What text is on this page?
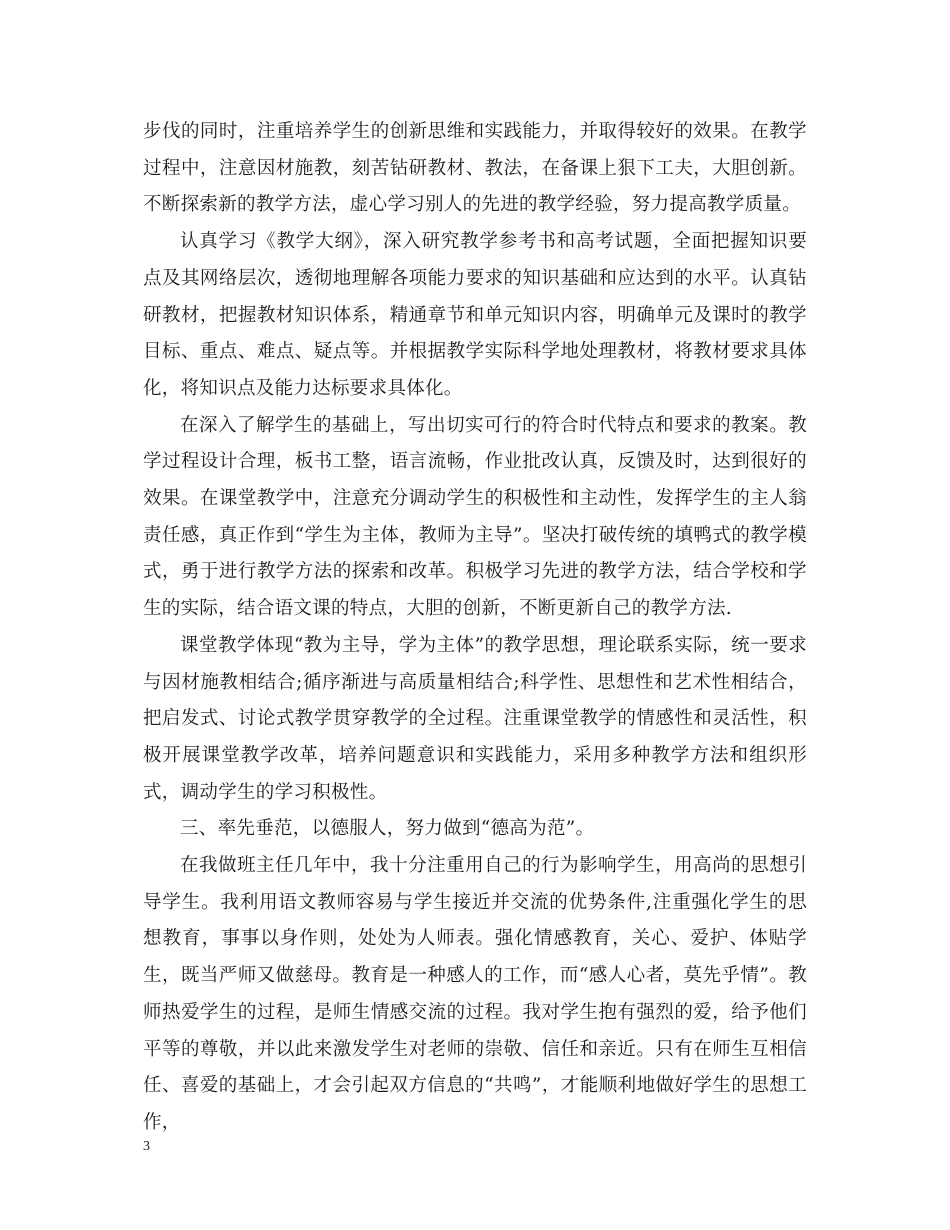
步伐的同时，注重培养学生的创新思维和实践能力，并取得较好的效果。在教学过程中，注意因材施教，刻苦钻研教材、教法，在备课上狠下工夫，大胆创新。不断探索新的教学方法，虚心学习别人的先进的教学经验，努力提高教学质量。

认真学习《教学大纲》，深入研究教学参考书和高考试题，全面把握知识要点及其网络层次，透彻地理解各项能力要求的知识基础和应达到的水平。认真钻研教材，把握教材知识体系，精通章节和单元知识内容，明确单元及课时的教学目标、重点、难点、疑点等。并根据教学实际科学地处理教材，将教材要求具体化，将知识点及能力达标要求具体化。

在深入了解学生的基础上，写出切实可行的符合时代特点和要求的教案。教学过程设计合理，板书工整，语言流畅，作业批改认真，反馈及时，达到很好的效果。在课堂教学中，注意充分调动学生的积极性和主动性，发挥学生的主人翁责任感，真正作到“学生为主体，教师为主导”。坚决打破传统的填鸭式的教学模式，勇于进行教学方法的探索和改革。积极学习先进的教学方法，结合学校和学生的实际，结合语文课的特点，大胆的创新，不断更新自己的教学方法.

课堂教学体现“教为主导，学为主体”的教学思想，理论联系实际，统一要求与因材施教相结合;循序渐进与高质量相结合;科学性、思想性和艺术性相结合，把启发式、讨论式教学贯穿教学的全过程。注重课堂教学的情感性和灵活性，积极开展课堂教学改革，培养问题意识和实践能力，采用多种教学方法和组织形式，调动学生的学习积极性。

三、率先垂范，以德服人，努力做到“德高为范”。

在我做班主任几年中，我十分注重用自己的行为影响学生，用高尚的思想引导学生。我利用语文教师容易与学生接近并交流的优势条件,注重强化学生的思想教育，事事以身作则，处处为人师表。强化情感教育，关心、爱护、体贴学生，既当严师又做慈母。教育是一种感人的工作，而“感人心者，莫先乎情”。教师热爱学生的过程，是师生情感交流的过程。我对学生抱有强烈的爱，给予他们平等的尊敬，并以此来激发学生对老师的崇敬、信任和亲近。只有在师生互相信任、喜爱的基础上，才会引起双方信息的“共鸣”，才能顺利地做好学生的思想工作，

3
